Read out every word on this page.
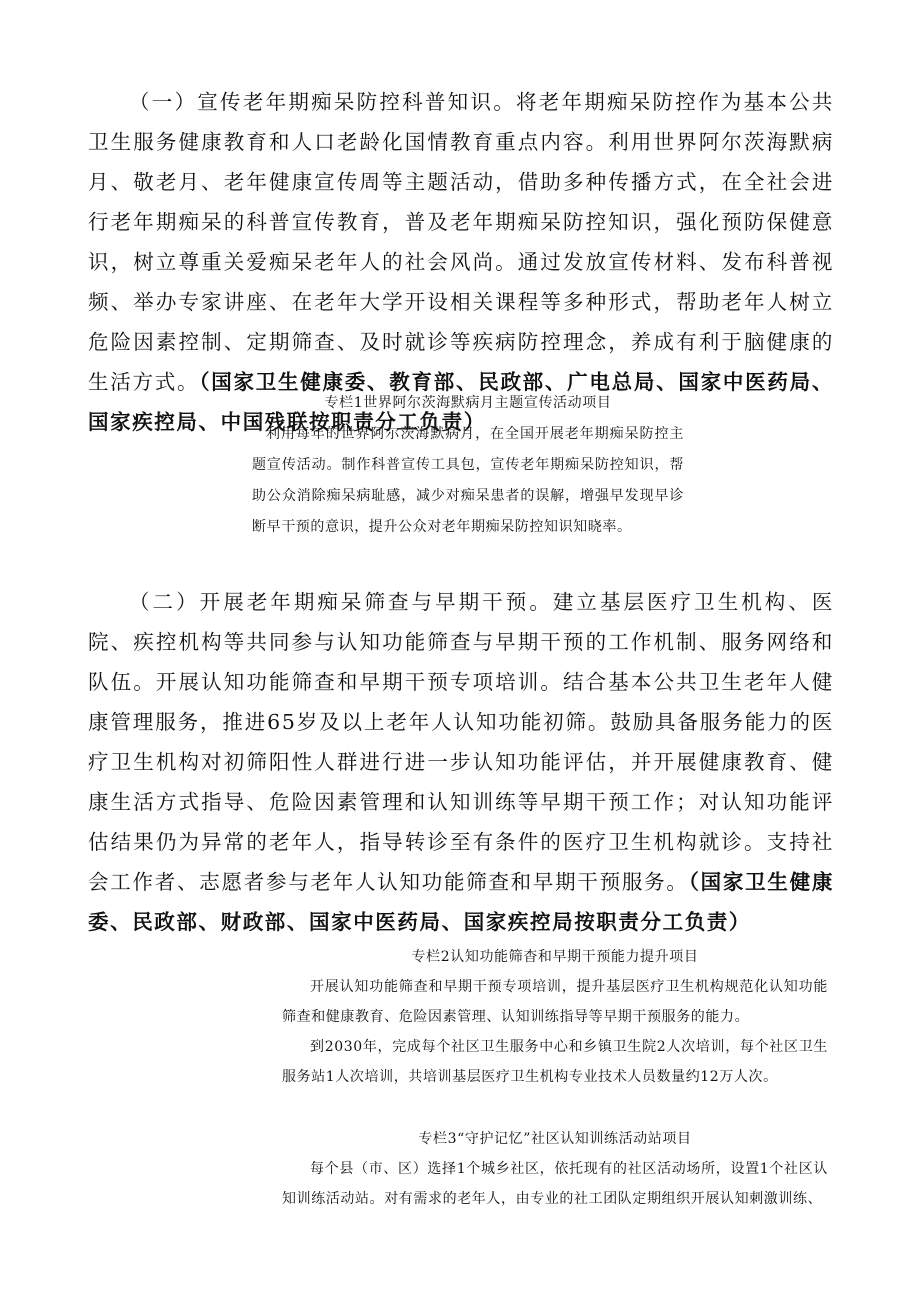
（一）宣传老年期痴呆防控科普知识。将老年期痴呆防控作为基本公共卫生服务健康教育和人口老龄化国情教育重点内容。利用世界阿尔茨海默病月、敬老月、老年健康宣传周等主题活动，借助多种传播方式，在全社会进行老年期痴呆的科普宣传教育，普及老年期痴呆防控知识，强化预防保健意识，树立尊重关爱痴呆老年人的社会风尚。通过发放宣传材料、发布科普视频、举办专家讲座、在老年大学开设相关课程等多种形式，帮助老年人树立危险因素控制、定期筛查、及时就诊等疾病防控理念，养成有利于脑健康的生活方式。（国家卫生健康委、教育部、民政部、广电总局、国家中医药局、国家疾控局、中国残联按职责分工负责）

专栏1世界阿尔茨海默病月主题宣传活动项目

利用每年的世界阿尔茨海默病月，在全国开展老年期痴呆防控主题宣传活动。制作科普宣传工具包，宣传老年期痴呆防控知识，帮助公众消除痴呆病耻感，减少对痴呆患者的误解，增强早发现早诊断早干预的意识，提升公众对老年期痴呆防控知识知晓率。

（二）开展老年期痴呆筛查与早期干预。建立基层医疗卫生机构、医院、疾控机构等共同参与认知功能筛查与早期干预的工作机制、服务网络和队伍。开展认知功能筛查和早期干预专项培训。结合基本公共卫生老年人健康管理服务，推进65岁及以上老年人认知功能初筛。鼓励具备服务能力的医疗卫生机构对初筛阳性人群进行进一步认知功能评估，并开展健康教育、健康生活方式指导、危险因素管理和认知训练等早期干预工作；对认知功能评估结果仍为异常的老年人，指导转诊至有条件的医疗卫生机构就诊。支持社会工作者、志愿者参与老年人认知功能筛查和早期干预服务。（国家卫生健康委、民政部、财政部、国家中医药局、国家疾控局按职责分工负责）

专栏2认知功能筛杳和早期干预能力提升项目

开展认知功能筛查和早期干预专项培训，提升基层医疗卫生机构规范化认知功能筛查和健康教育、危险因素管理、认知训练指导等早期干预服务的能力。

到2030年，完成每个社区卫生服务中心和乡镇卫生院2人次培训，每个社区卫生服务站1人次培训，共培训基层医疗卫生机构专业技术人员数量约12万人次。

专栏3“守护记忆”社区认知训练活动站项目

每个县（市、区）选择1个城乡社区，依托现有的社区活动场所，设置1个社区认知训练活动站。对有需求的老年人，由专业的社工团队定期组织开展认知刺激训练、
